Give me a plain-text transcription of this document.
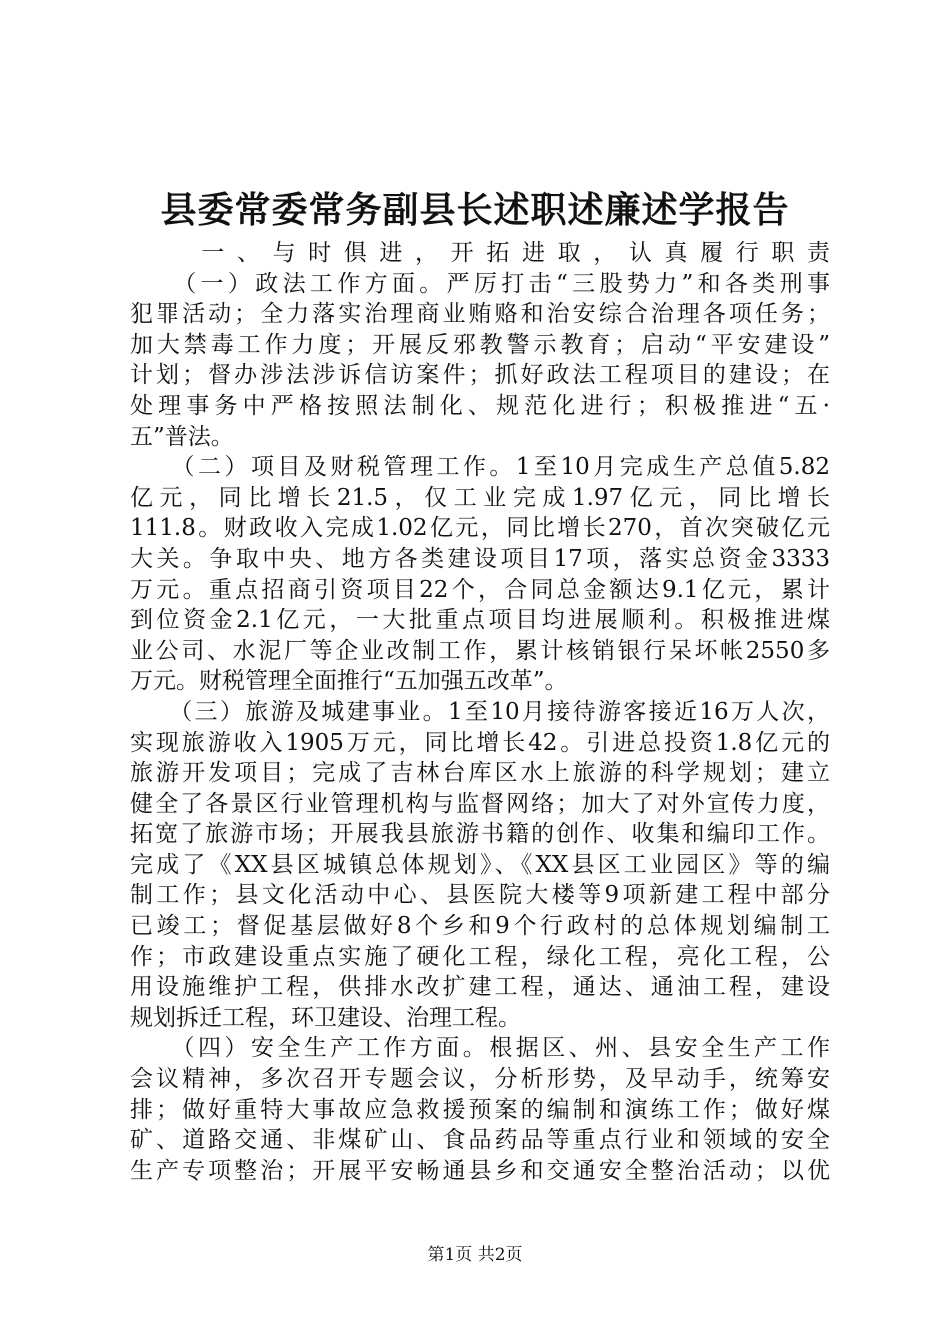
县委常委常务副县长述职述廉述学报告
　　一、与时俱进，开拓进取，认真履行职责
　　（一）政法工作方面。严厉打击“三股势力”和各类刑事
犯罪活动；全力落实治理商业贿赂和治安综合治理各项任务；
加大禁毒工作力度；开展反邪教警示教育；启动“平安建设”
计划；督办涉法涉诉信访案件；抓好政法工程项目的建设；在
处理事务中严格按照法制化、规范化进行；积极推进“五·
五”普法。
　　（二）项目及财税管理工作。1至10月完成生产总值5.82
亿元，同比增长21.5，仅工业完成1.97亿元，同比增长
111.8。财政收入完成1.02亿元，同比增长270，首次突破亿元
大关。争取中央、地方各类建设项目17项，落实总资金3333
万元。重点招商引资项目22个，合同总金额达9.1亿元，累计
到位资金2.1亿元，一大批重点项目均进展顺利。积极推进煤
业公司、水泥厂等企业改制工作，累计核销银行呆坏帐2550多
万元。财税管理全面推行“五加强五改革”。
　　（三）旅游及城建事业。1至10月接待游客接近16万人次，
实现旅游收入1905万元，同比增长42。引进总投资1.8亿元的
旅游开发项目；完成了吉林台库区水上旅游的科学规划；建立
健全了各景区行业管理机构与监督网络；加大了对外宣传力度，
拓宽了旅游市场；开展我县旅游书籍的创作、收集和编印工作。
完成了《XX县区城镇总体规划》、《XX县区工业园区》等的编
制工作；县文化活动中心、县医院大楼等9项新建工程中部分
已竣工；督促基层做好8个乡和9个行政村的总体规划编制工
作；市政建设重点实施了硬化工程，绿化工程，亮化工程，公
用设施维护工程，供排水改扩建工程，通达、通油工程，建设
规划拆迁工程，环卫建设、治理工程。
　　（四）安全生产工作方面。根据区、州、县安全生产工作
会议精神，多次召开专题会议，分析形势，及早动手，统筹安
排；做好重特大事故应急救援预案的编制和演练工作；做好煤
矿、道路交通、非煤矿山、食品药品等重点行业和领域的安全
生产专项整治；开展平安畅通县乡和交通安全整治活动；以优
第1页 共2页
